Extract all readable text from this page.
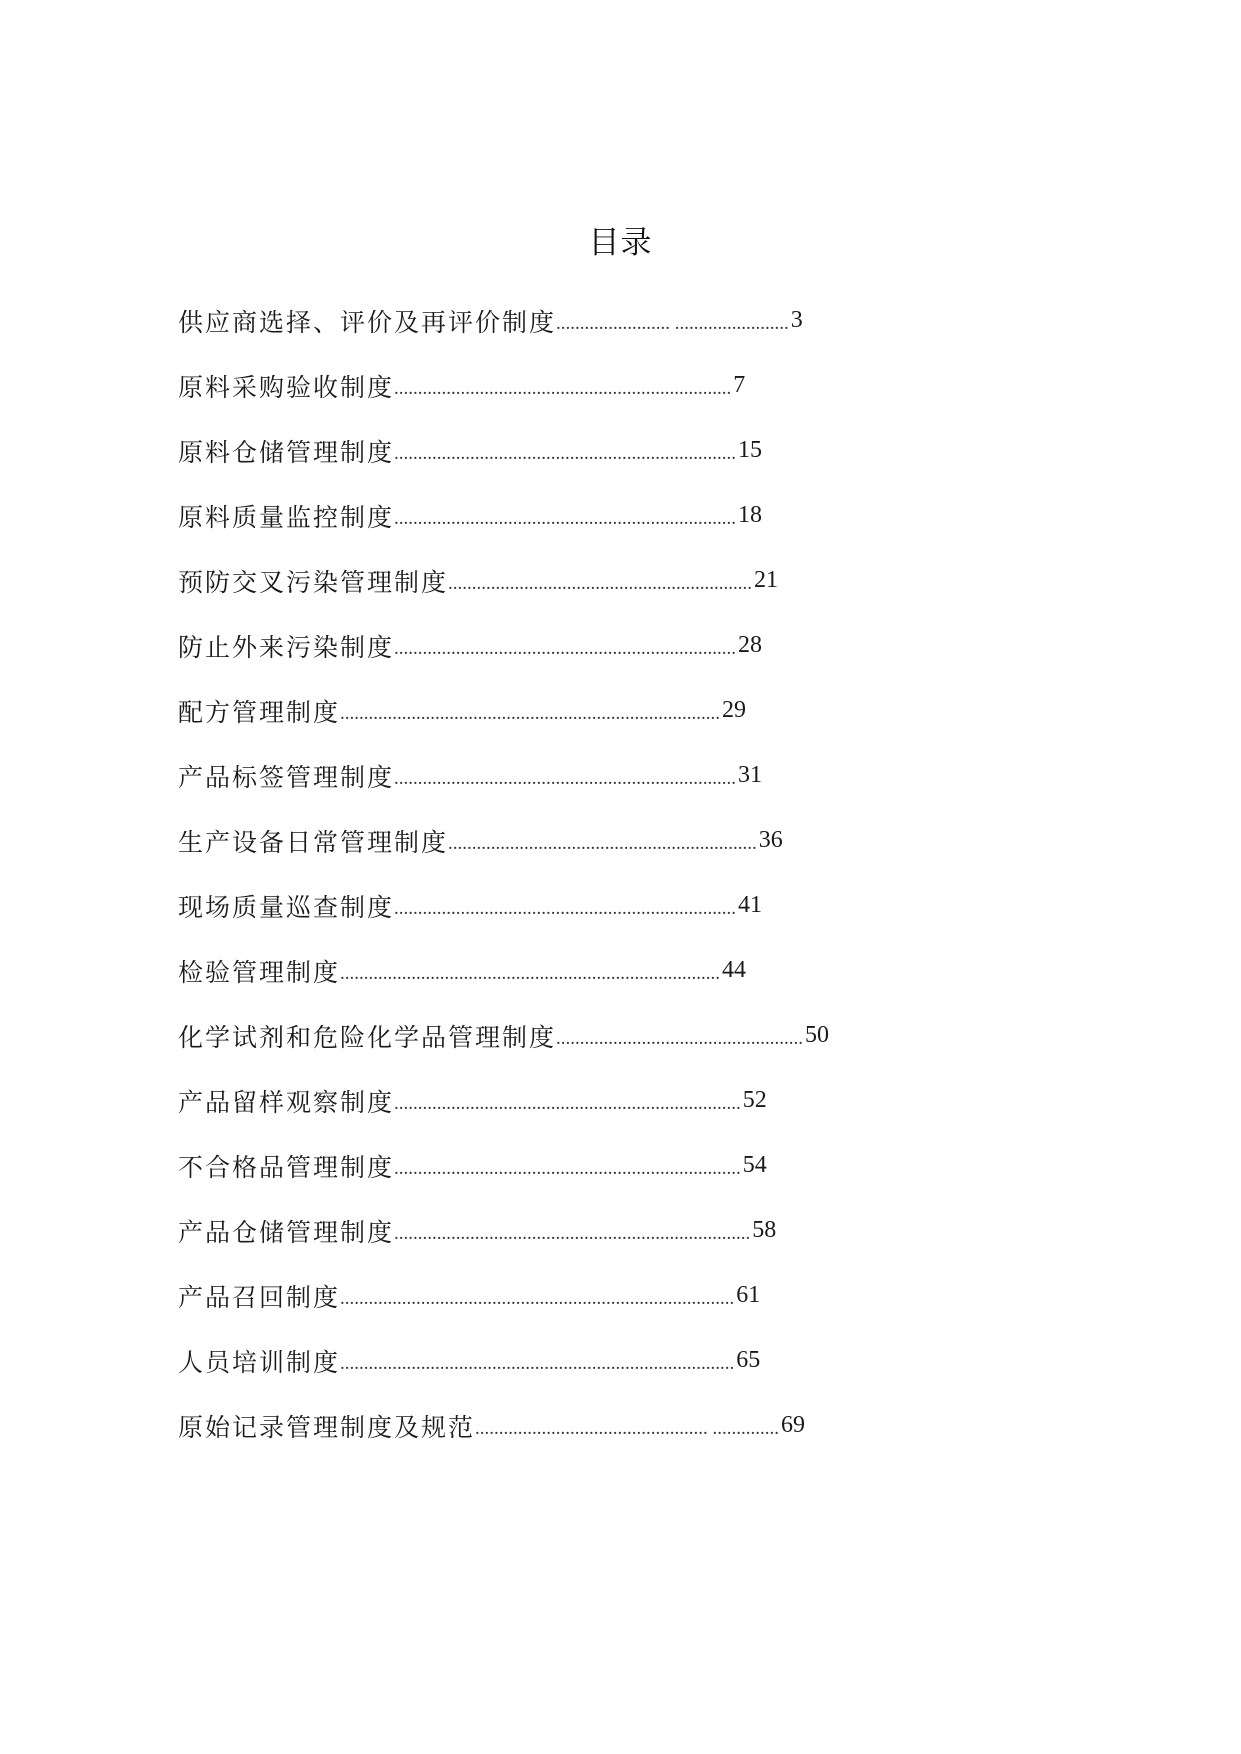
目录
供应商选择、评价及再评价制度 ........................ ........................ 3
原料采购验收制度 ....................................................................... 7
原料仓储管理制度 ........................................................................ 15
原料质量监控制度 ........................................................................ 18
预防交叉污染管理制度 ................................................................ 21
防止外来污染制度 ........................................................................ 28
配方管理制度 ................................................................................ 29
产品标签管理制度 ........................................................................ 31
生产设备日常管理制度 ................................................................. 36
现场质量巡查制度 ........................................................................ 41
检验管理制度 ................................................................................ 44
化学试剂和危险化学品管理制度 .................................................... 50
产品留样观察制度 ......................................................................... 52
不合格品管理制度 ......................................................................... 54
产品仓储管理制度 ........................................................................... 58
产品召回制度 ................................................................................... 61
人员培训制度 ................................................................................... 65
原始记录管理制度及规范 ................................................. .............. 69
